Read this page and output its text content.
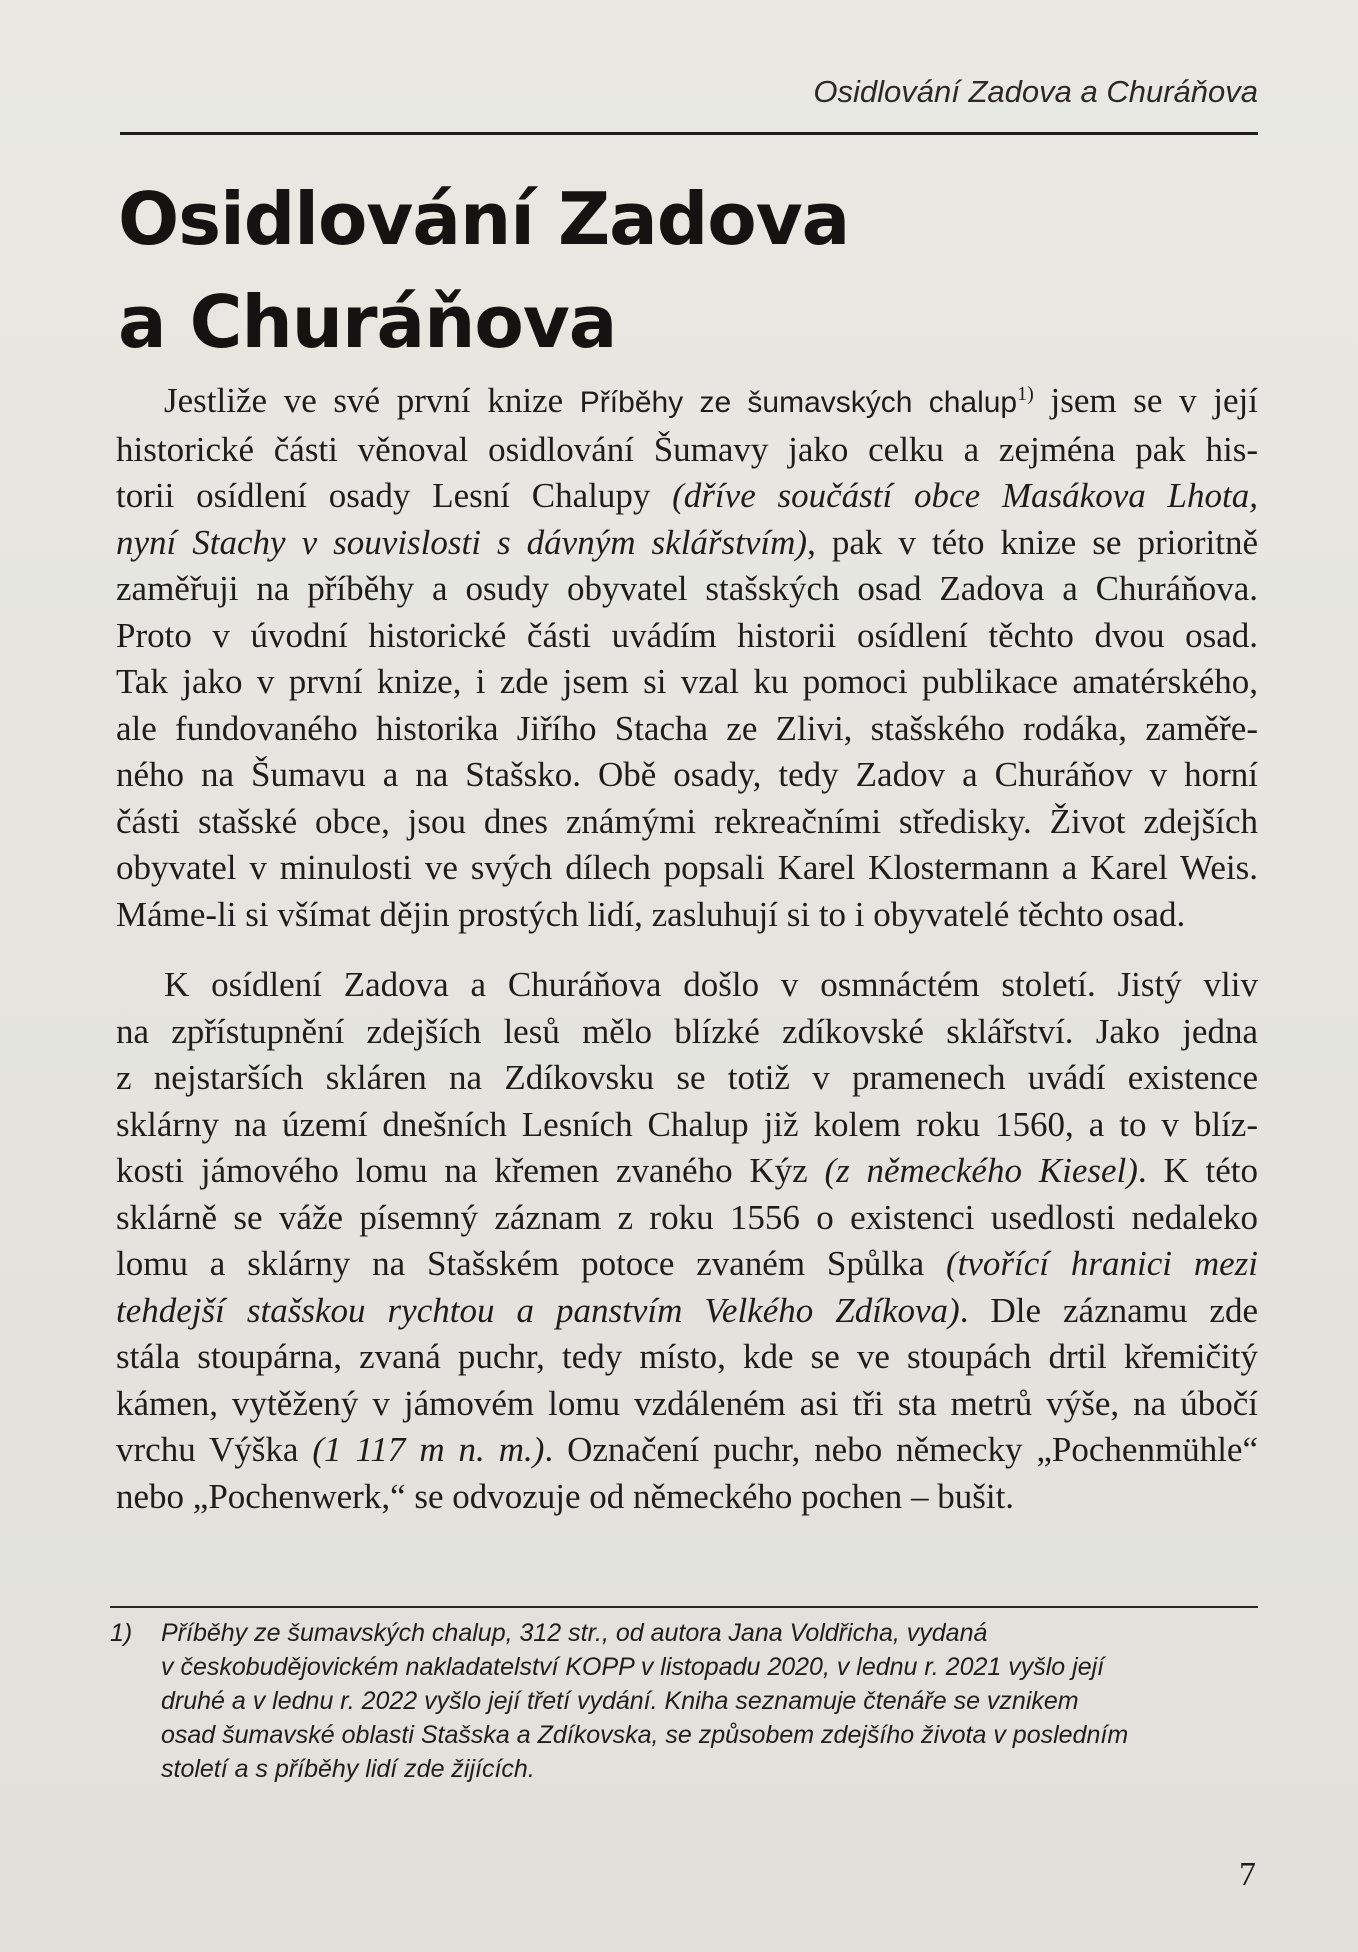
Osidlování Zadova a Churáňova
Osidlování Zadova
a Churáňova

Jestliže ve své první knize Příběhy ze šumavských chalup$^{1)}$ jsem se v její
historické části věnoval osidlování Šumavy jako celku a zejména pak his-
torii osídlení osady Lesní Chalupy (dříve součástí obce Masákova Lhota,
nyní Stachy v souvislosti s dávným sklářstvím), pak v této knize se prioritně
zaměřuji na příběhy a osudy obyvatel stašských osad Zadova a Churáňova.
Proto v úvodní historické části uvádím historii osídlení těchto dvou osad.
Tak jako v první knize, i zde jsem si vzal ku pomoci publikace amatérského,
ale fundovaného historika Jiřího Stacha ze Zlivi, stašského rodáka, zaměře-
ného na Šumavu a na Stašsko. Obě osady, tedy Zadov a Churáňov v horní
části stašské obce, jsou dnes známými rekreačními středisky. Život zdejších
obyvatel v minulosti ve svých dílech popsali Karel Klostermann a Karel Weis.
Máme-li si všímat dějin prostých lidí, zasluhují si to i obyvatelé těchto osad.

K osídlení Zadova a Churáňova došlo v osmnáctém století. Jistý vliv
na zpřístupnění zdejších lesů mělo blízké zdíkovské sklářství. Jako jedna
z nejstarších skláren na Zdíkovsku se totiž v pramenech uvádí existence
sklárny na území dnešních Lesních Chalup již kolem roku 1560, a to v blíz-
kosti jámového lomu na křemen zvaného Kýz (z německého Kiesel). K této
sklárně se váže písemný záznam z roku 1556 o existenci usedlosti nedaleko
lomu a sklárny na Stašském potoce zvaném Spůlka (tvořící hranici mezi
tehdejší stašskou rychtou a panstvím Velkého Zdíkova). Dle záznamu zde
stála stoupárna, zvaná puchr, tedy místo, kde se ve stoupách drtil křemičitý
kámen, vytěžený v jámovém lomu vzdáleném asi tři sta metrů výše, na úbočí
vrchu Výška (1 117 m n. m.). Označení puchr, nebo německy „Pochenmühle“
nebo „Pochenwerk,“ se odvozuje od německého pochen – bušit.

1) Příběhy ze šumavských chalup, 312 str., od autora Jana Voldřicha, vydaná
v českobudějovickém nakladatelství KOPP v listopadu 2020, v lednu r. 2021 vyšlo její
druhé a v lednu r. 2022 vyšlo její třetí vydání. Kniha seznamuje čtenáře se vznikem
osad šumavské oblasti Stašska a Zdíkovska, se způsobem zdejšího života v posledním
století a s příběhy lidí zde žijících.
7
